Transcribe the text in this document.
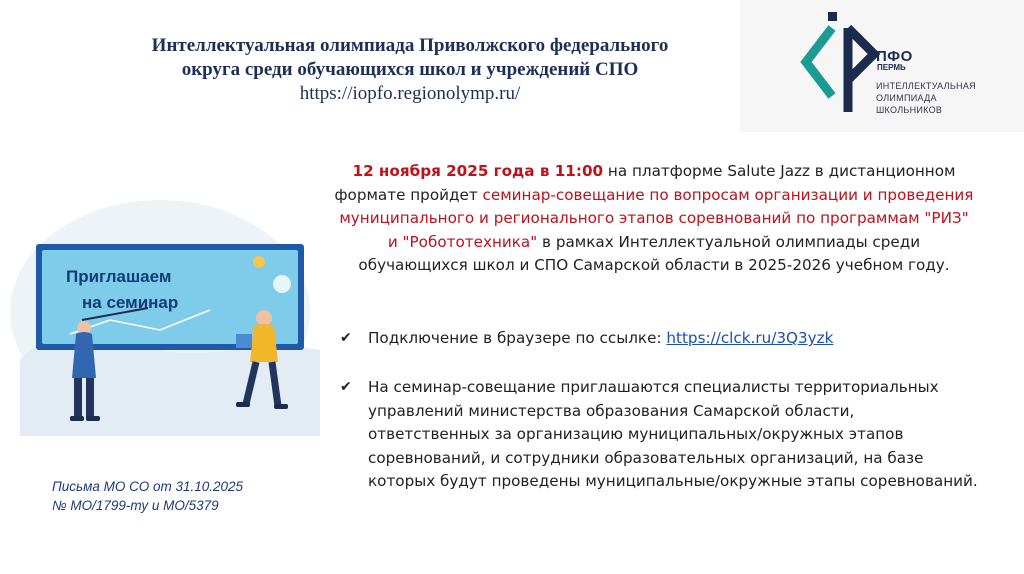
Интеллектуальная олимпиада Приволжского федерального
округа среди обучающихся школ и учреждений СПО
https://iopfo.regionolymp.ru/
ПФО
ПЕРМЬ
ИНТЕЛЛЕКТУАЛЬНАЯ
ОЛИМПИАДА
ШКОЛЬНИКОВ
12 ноября 2025 года в 11:00 на платформе Salute Jazz в дистанционном формате пройдет семинар-совещание по вопросам организации и проведения муниципального и регионального этапов соревнований по программам "РИЗ" и "Робототехника" в рамках Интеллектуальной олимпиады среди обучающихся школ и СПО Самарской области в 2025-2026 учебном году.
✔	Подключение в браузере по ссылке: https://clck.ru/3Q3yzk
✔	На семинар-совещание приглашаются специалисты территориальных управлений министерства образования Самарской области, ответственных за организацию муниципальных/окружных этапов соревнований, и сотрудники образовательных организаций, на базе которых будут проведены муниципальные/окружные этапы соревнований.
Приглашаем
на семинар
Письма МО СО от 31.10.2025
№ МО/1799-ту и МО/5379
